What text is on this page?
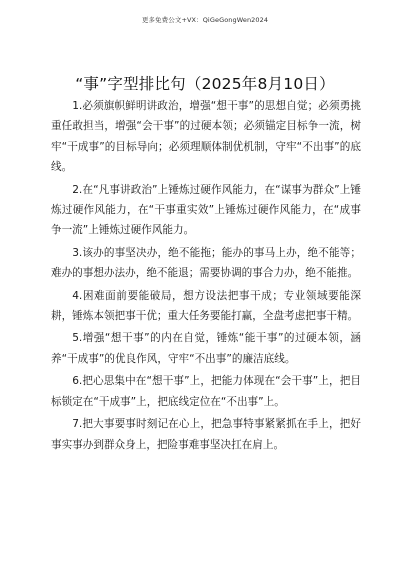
更多免费公文+VX：QiGeGongWen2024
“事”字型排比句（2025年8月10日）

1.必须旗帜鲜明讲政治，增强“想干事”的思想自觉；必须勇挑重任敢担当，增强“会干事”的过硬本领；必须锚定目标争一流，树牢“干成事”的目标导向；必须理顺体制优机制，守牢“不出事”的底线。

2.在“凡事讲政治”上锤炼过硬作风能力，在“谋事为群众”上锤炼过硬作风能力，在“干事重实效”上锤炼过硬作风能力，在“成事争一流”上锤炼过硬作风能力。

3.该办的事坚决办，绝不能拖；能办的事马上办，绝不能等；难办的事想办法办，绝不能退；需要协调的事合力办，绝不能推。

4.困难面前要能破局，想方设法把事干成；专业领域要能深耕，锤炼本领把事干优；重大任务要能打赢，全盘考虑把事干精。

5.增强“想干事”的内在自觉，锤炼“能干事”的过硬本领，涵养“干成事”的优良作风，守牢“不出事”的廉洁底线。

6.把心思集中在“想干事”上，把能力体现在“会干事”上，把目标锁定在“干成事”上，把底线定位在“不出事”上。

7.把大事要事时刻记在心上，把急事特事紧紧抓在手上，把好事实事办到群众身上，把险事难事坚决扛在肩上。
